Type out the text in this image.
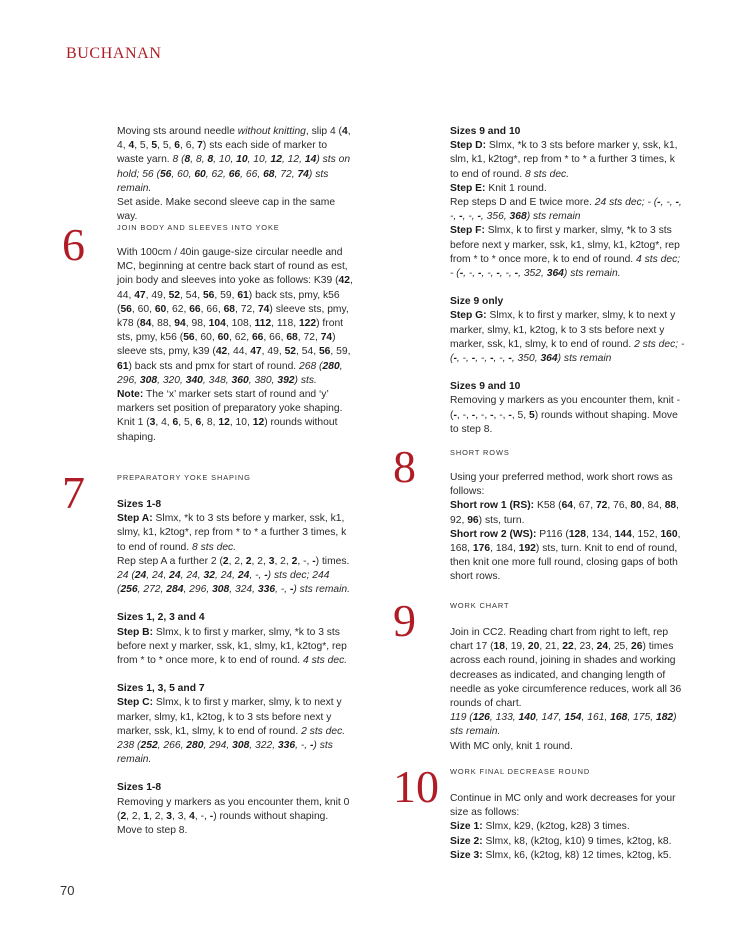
BUCHANAN

Moving sts around needle without knitting, slip 4 (4, 4, 4, 5, 5, 5, 6, 6, 7) sts each side of marker to waste yarn. 8 (8, 8, 8, 10, 10, 10, 12, 12, 14) sts on hold; 56 (56, 60, 60, 62, 66, 66, 68, 72, 74) sts remain.

Set aside. Make second sleeve cap in the same way.

6	JOIN BODY AND SLEEVES INTO YOKE

With 100cm / 40in gauge-size circular needle and MC, beginning at centre back start of round as est, join body and sleeves into yoke as follows: K39 (42, 44, 47, 49, 52, 54, 56, 59, 61) back sts, pmy, k56 (56, 60, 60, 62, 66, 66, 68, 72, 74) sleeve sts, pmy, k78 (84, 88, 94, 98, 104, 108, 112, 118, 122) front sts, pmy, k56 (56, 60, 60, 62, 66, 66, 68, 72, 74) sleeve sts, pmy, k39 (42, 44, 47, 49, 52, 54, 56, 59, 61) back sts and pmx for start of round. 268 (280, 296, 308, 320, 340, 348, 360, 380, 392) sts.

Note: The ‘x’ marker sets start of round and ‘y’ markers set position of preparatory yoke shaping.

Knit 1 (3, 4, 6, 5, 6, 8, 12, 10, 12) rounds without shaping.

7	PREPARATORY YOKE SHAPING

Sizes 1-8

Step A: Slmx, *k to 3 sts before y marker, ssk, k1, slmy, k1, k2tog*, rep from * to * a further 3 times, k to end of round. 8 sts dec.

Rep step A a further 2 (2, 2, 2, 2, 3, 2, 2, -, -) times. 24 (24, 24, 24, 24, 32, 24, 24, -, -) sts dec; 244 (256, 272, 284, 296, 308, 324, 336, -, -) sts remain.

Sizes 1, 2, 3 and 4

Step B: Slmx, k to first y marker, slmy, *k to 3 sts before next y marker, ssk, k1, slmy, k1, k2tog*, rep from * to * once more, k to end of round. 4 sts dec.

Sizes 1, 3, 5 and 7

Step C: Slmx, k to first y marker, slmy, k to next y marker, slmy, k1, k2tog, k to 3 sts before next y marker, ssk, k1, slmy, k to end of round. 2 sts dec. 238 (252, 266, 280, 294, 308, 322, 336, -, -) sts remain.

Sizes 1-8

Removing y markers as you encounter them, knit 0 (2, 2, 1, 2, 3, 3, 4, -, -) rounds without shaping. Move to step 8.

Sizes 9 and 10

Step D: Slmx, *k to 3 sts before marker y, ssk, k1, slm, k1, k2tog*, rep from * to * a further 3 times, k to end of round. 8 sts dec.

Step E: Knit 1 round.

Rep steps D and E twice more. 24 sts dec; - (-, -, -, -, -, -, -, 356, 368) sts remain

Step F: Slmx, k to first y marker, slmy, *k to 3 sts before next y marker, ssk, k1, slmy, k1, k2tog*, rep from * to * once more, k to end of round. 4 sts dec; - (-, -, -, -, -, -, -, 352, 364) sts remain.

Size 9 only

Step G: Slmx, k to first y marker, slmy, k to next y marker, slmy, k1, k2tog, k to 3 sts before next y marker, ssk, k1, slmy, k to end of round. 2 sts dec; - (-, -, -, -, -, -, -, 350, 364) sts remain

Sizes 9 and 10

Removing y markers as you encounter them, knit - (-, -, -, -, -, -, -, 5, 5) rounds without shaping. Move to step 8.

8	SHORT ROWS

Using your preferred method, work short rows as follows:

Short row 1 (RS): K58 (64, 67, 72, 76, 80, 84, 88, 92, 96) sts, turn.

Short row 2 (WS): P116 (128, 134, 144, 152, 160, 168, 176, 184, 192) sts, turn. Knit to end of round, then knit one more full round, closing gaps of both short rows.

9	WORK CHART

Join in CC2. Reading chart from right to left, rep chart 17 (18, 19, 20, 21, 22, 23, 24, 25, 26) times across each round, joining in shades and working decreases as indicated, and changing length of needle as yoke circumference reduces, work all 36 rounds of chart.

119 (126, 133, 140, 147, 154, 161, 168, 175, 182) sts remain.

With MC only, knit 1 round.

10 WORK FINAL DECREASE ROUND

Continue in MC only and work decreases for your size as follows:

Size 1: Slmx, k29, (k2tog, k28) 3 times.

Size 2: Slmx, k8, (k2tog, k10) 9 times, k2tog, k8.

Size 3: Slmx, k6, (k2tog, k8) 12 times, k2tog, k5.

70
